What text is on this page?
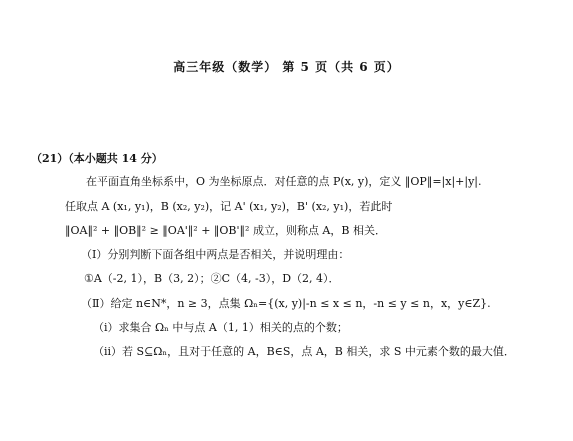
高三年级（数学） 第 5 页（共 6 页）
（21）（本小题共 14 分）
在平面直角坐标系中，O 为坐标原点．对任意的点 P(x, y)，定义 ‖OP‖=|x|+|y|.
任取点 A (x₁, y₁)，B (x₂, y₂)，记 A' (x₁, y₂)，B' (x₂, y₁)，若此时
‖OA‖² + ‖OB‖² ≥ ‖OA'‖² + ‖OB'‖² 成立，则称点 A，B 相关．
（Ⅰ）分别判断下面各组中两点是否相关，并说明理由：
①A（-2, 1），B（3, 2）；②C（4, -3），D（2, 4）．
（Ⅱ）给定 n∈N*，n ≥ 3，点集 Ωₙ={(x, y)|-n ≤ x ≤ n，-n ≤ y ≤ n，x，y∈Z}.
（ⅰ）求集合 Ωₙ 中与点 A（1, 1）相关的点的个数；
（ⅱ）若 S⊆Ωₙ，且对于任意的 A，B∈S，点 A，B 相关，求 S 中元素个数的最大值．
